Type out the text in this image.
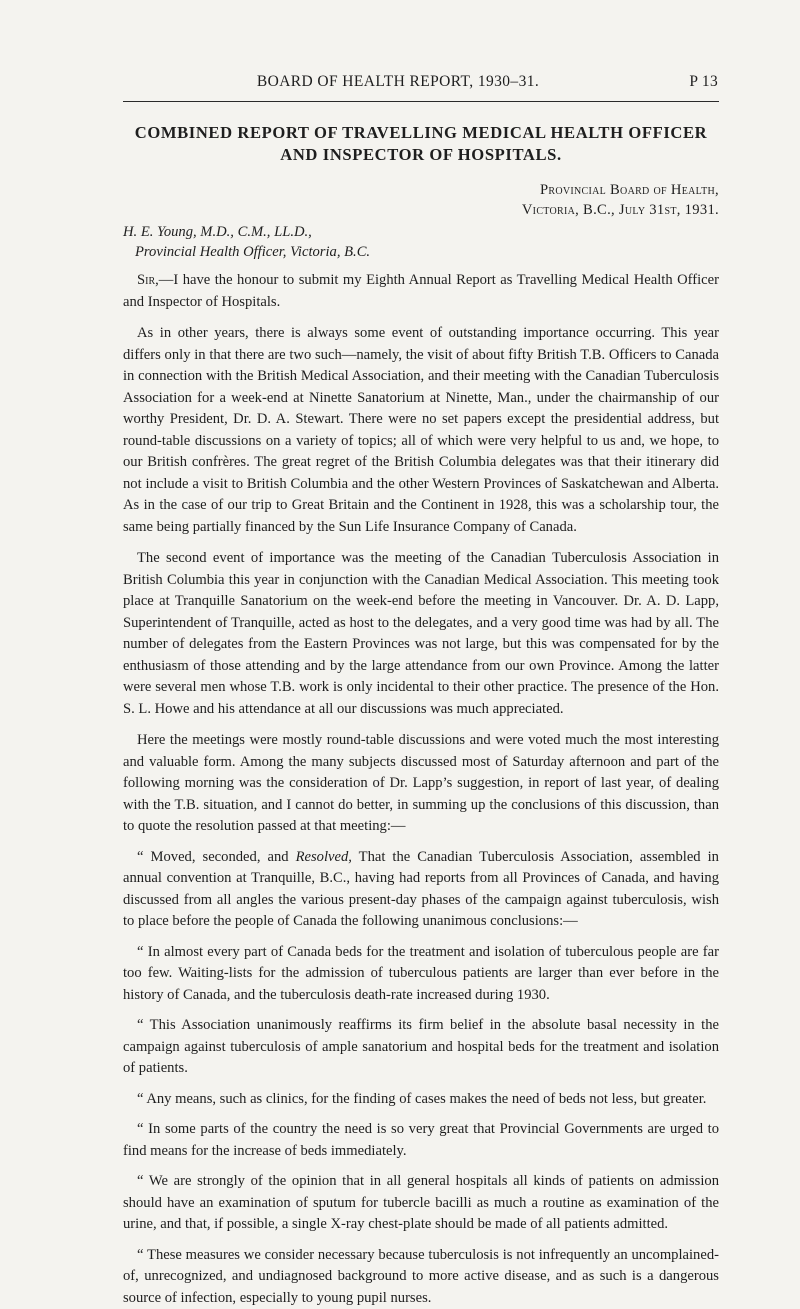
BOARD OF HEALTH REPORT, 1930–31.	P 13
COMBINED REPORT OF TRAVELLING MEDICAL HEALTH OFFICER
AND INSPECTOR OF HOSPITALS.
Provincial Board of Health,
Victoria, B.C., July 31st, 1931.
H. E. Young, M.D., C.M., LL.D.,
Provincial Health Officer, Victoria, B.C.

Sir,—I have the honour to submit my Eighth Annual Report as Travelling Medical Health Officer and Inspector of Hospitals.

As in other years, there is always some event of outstanding importance occurring. This year differs only in that there are two such—namely, the visit of about fifty British T.B. Officers to Canada in connection with the British Medical Association, and their meeting with the Canadian Tuberculosis Association for a week-end at Ninette Sanatorium at Ninette, Man., under the chairmanship of our worthy President, Dr. D. A. Stewart. There were no set papers except the presidential address, but round-table discussions on a variety of topics; all of which were very helpful to us and, we hope, to our British confrères. The great regret of the British Columbia delegates was that their itinerary did not include a visit to British Columbia and the other Western Provinces of Saskatchewan and Alberta. As in the case of our trip to Great Britain and the Continent in 1928, this was a scholarship tour, the same being partially financed by the Sun Life Insurance Company of Canada.

The second event of importance was the meeting of the Canadian Tuberculosis Association in British Columbia this year in conjunction with the Canadian Medical Association. This meeting took place at Tranquille Sanatorium on the week-end before the meeting in Vancouver. Dr. A. D. Lapp, Superintendent of Tranquille, acted as host to the delegates, and a very good time was had by all. The number of delegates from the Eastern Provinces was not large, but this was compensated for by the enthusiasm of those attending and by the large attendance from our own Province. Among the latter were several men whose T.B. work is only incidental to their other practice. The presence of the Hon. S. L. Howe and his attendance at all our discussions was much appreciated.

Here the meetings were mostly round-table discussions and were voted much the most interesting and valuable form. Among the many subjects discussed most of Saturday afternoon and part of the following morning was the consideration of Dr. Lapp’s suggestion, in report of last year, of dealing with the T.B. situation, and I cannot do better, in summing up the conclusions of this discussion, than to quote the resolution passed at that meeting:—

“ Moved, seconded, and Resolved, That the Canadian Tuberculosis Association, assembled in annual convention at Tranquille, B.C., having had reports from all Provinces of Canada, and having discussed from all angles the various present-day phases of the campaign against tuberculosis, wish to place before the people of Canada the following unanimous conclusions:—

“ In almost every part of Canada beds for the treatment and isolation of tuberculous people are far too few. Waiting-lists for the admission of tuberculous patients are larger than ever before in the history of Canada, and the tuberculosis death-rate increased during 1930.

“ This Association unanimously reaffirms its firm belief in the absolute basal necessity in the campaign against tuberculosis of ample sanatorium and hospital beds for the treatment and isolation of patients.

“ Any means, such as clinics, for the finding of cases makes the need of beds not less, but greater.

“ In some parts of the country the need is so very great that Provincial Governments are urged to find means for the increase of beds immediately.

“ We are strongly of the opinion that in all general hospitals all kinds of patients on admission should have an examination of sputum for tubercle bacilli as much a routine as examination of the urine, and that, if possible, a single X-ray chest-plate should be made of all patients admitted.

“ These measures we consider necessary because tuberculosis is not infrequently an uncomplained-of, unrecognized, and undiagnosed background to more active disease, and as such is a dangerous source of infection, especially to young pupil nurses.
